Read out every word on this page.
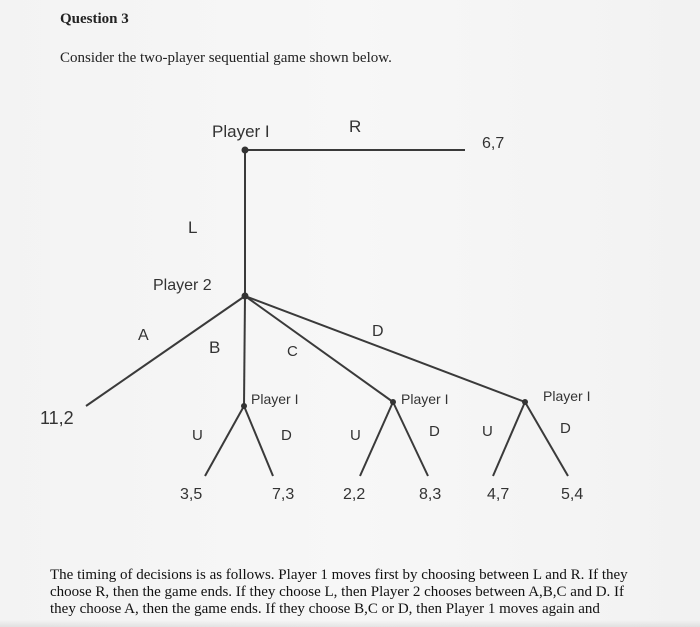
Question 3
Consider the two-player sequential game shown below.
Player I	R
6,7
L
Player 2
A
B	C
D
11,2
Player I
U	D
3,5	7,3
Player I
U	D
2,2	8,3
Player I
U	D
4,7	5,4
The timing of decisions is as follows. Player 1 moves first by choosing between L and R. If they
choose R, then the game ends. If they choose L, then Player 2 chooses between A,B,C and D. If
they choose A, then the game ends. If they choose B,C or D, then Player 1 moves again and
